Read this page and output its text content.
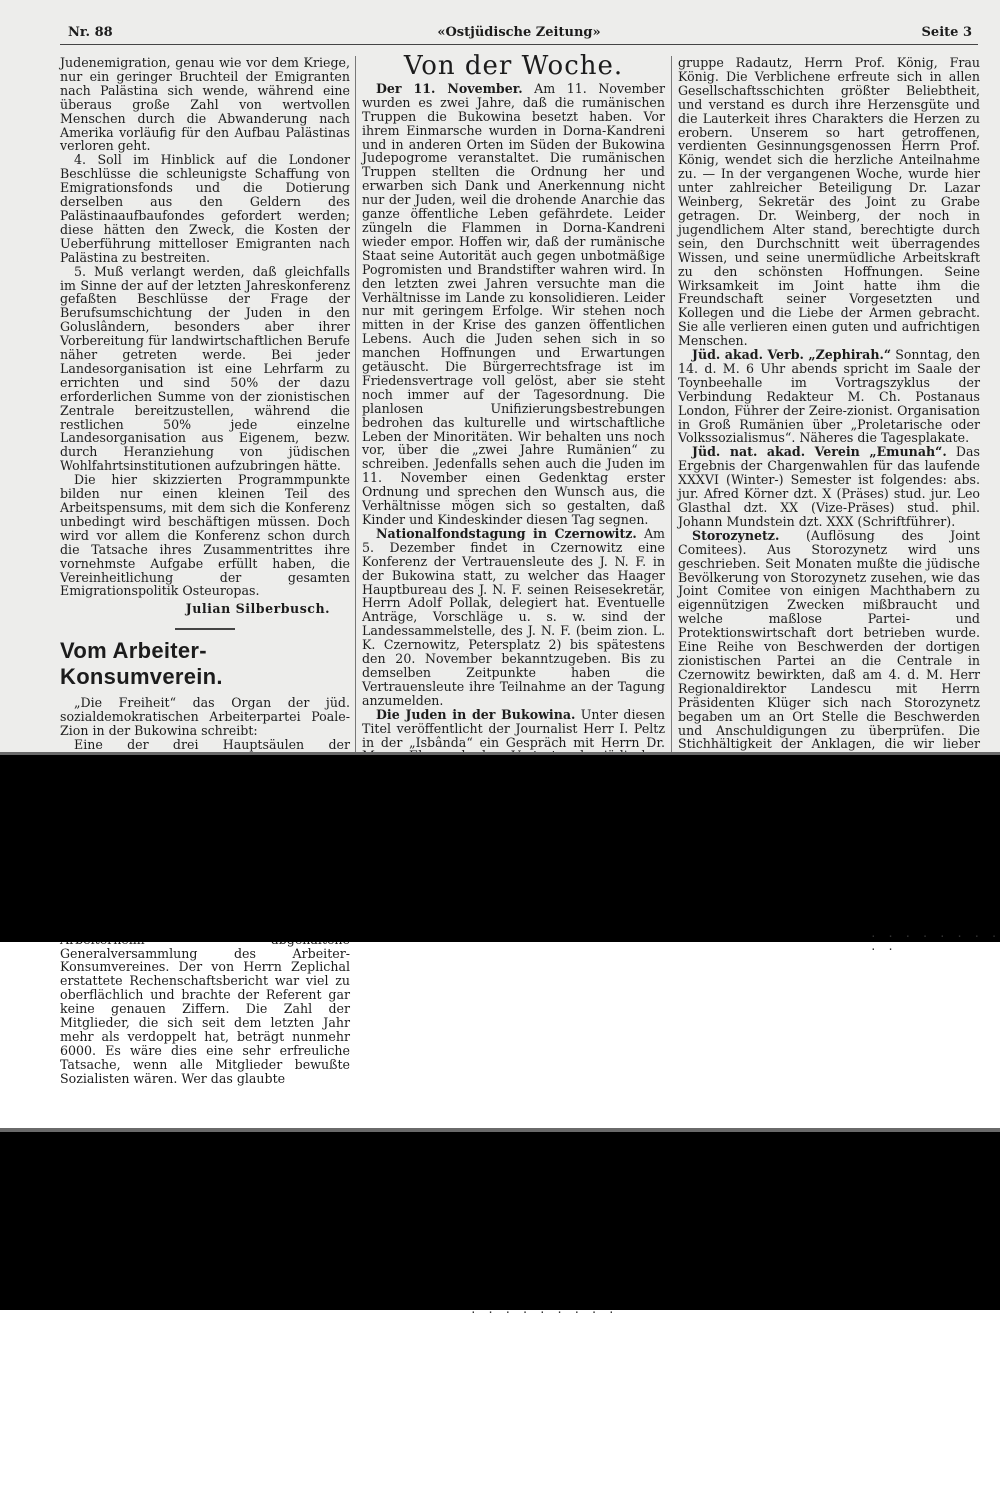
Nr. 88	«Ostjüdische Zeitung»	Seite 3

Judenemigration, genau wie vor dem Kriege, nur ein geringer Bruchteil der Emigranten nach Palästina sich wende, während eine überaus große Zahl von wertvollen Menschen durch die Abwanderung nach Amerika vorläufig für den Aufbau Palästinas verloren geht.

4. Soll im Hinblick auf die Londoner Beschlüsse die schleunigste Schaffung von Emigrationsfonds und die Dotierung derselben aus den Geldern des Palästinaaufbaufondes gefordert werden; diese hätten den Zweck, die Kosten der Ueberführung mittelloser Emigranten nach Palästina zu bestreiten.

5. Muß verlangt werden, daß gleichfalls im Sinne der auf der letzten Jahreskonferenz gefaßten Beschlüsse der Frage der Berufsumschichtung der Juden in den Goluslândern, besonders aber ihrer Vorbereitung für landwirtschaftlichen Berufe näher getreten werde. Bei jeder Landesorganisation ist eine Lehrfarm zu errichten und sind 50% der dazu erforderlichen Summe von der zionistischen Zentrale bereitzustellen, während die restlichen 50% jede einzelne Landesorganisation aus Eigenem, bezw. durch Heranziehung von jüdischen Wohlfahrtsinstitutionen aufzubringen hätte.

Die hier skizzierten Programmpunkte bilden nur einen kleinen Teil des Arbeitspensums, mit dem sich die Konferenz unbedingt wird beschäftigen müssen. Doch wird vor allem die Konferenz schon durch die Tatsache ihres Zusammentrittes ihre vornehmste Aufgabe erfüllt haben, die Vereinheitlichung der gesamten Emigrationspolitik Osteuropas.

Julian Silberbusch.
Vom Arbeiter-Konsumverein.

„Die Freiheit“ das Organ der jüd. sozialdemokratischen Arbeiterpartei Poale-Zion in der Bukowina schreibt:

Eine der drei Hauptsäulen der

Generalversammlung des Arbeiter-Konsumvereines. Der von Herrn Zeplichal erstattete Rechenschaftsbericht war viel zu oberflächlich und brachte der Referent gar keine genauen Ziffern. Die Zahl der Mitglieder, die sich seit dem letzten Jahr mehr als verdoppelt hat, beträgt nunmehr 6000. Es wäre dies eine sehr erfreuliche Tatsache, wenn alle Mitglieder bewußte Sozialisten wären. Wer das glaubte

Von der Woche.

Der 11. November. Am 11. November wurden es zwei Jahre, daß die rumänischen Truppen die Bukowina besetzt haben. Vor ihrem Einmarsche wurden in Dorna-Kandreni und in anderen Orten im Süden der Bukowina Judepogrome veranstaltet. Die rumänischen Truppen stellten die Ordnung her und erwarben sich Dank und Anerkennung nicht nur der Juden, weil die drohende Anarchie das ganze öffentliche Leben gefährdete. Leider züngeln die Flammen in Dorna-Kandreni wieder empor. Hoffen wir, daß der rumänische Staat seine Autorität auch gegen unbotmäßige Pogromisten und Brandstifter wahren wird. In den letzten zwei Jahren versuchte man die Verhältnisse im Lande zu konsolidieren. Leider nur mit geringem Erfolge. Wir stehen noch mitten in der Krise des ganzen öffentlichen Lebens. Auch die Juden sehen sich in so manchen Hoffnungen und Erwartungen getäuscht. Die Bürgerrechtsfrage ist im Friedensvertrage voll gelöst, aber sie steht noch immer auf der Tagesordnung. Die planlosen Unifizierungsbestrebungen bedrohen das kulturelle und wirtschaftliche Leben der Minoritäten. Wir behalten uns noch vor, über die „zwei Jahre Rumänien“ zu schreiben. Jedenfalls sehen auch die Juden im 11. November einen Gedenktag erster Ordnung und sprechen den Wunsch aus, die Verhältnisse mögen sich so gestalten, daß Kinder und Kindeskinder diesen Tag segnen.

Nationalfondstagung in Czernowitz. Am 5. Dezember findet in Czernowitz eine Konferenz der Vertrauensleute des J. N. F. in der Bukowina statt, zu welcher das Haager Hauptbureau des J. N. F. seinen Reisesekretär, Herrn Adolf Pollak, delegiert hat. Eventuelle Anträge, Vorschläge u. s. w. sind der Landessammelstelle, des J. N. F. (beim zion. L. K. Czernowitz, Petersplatz 2) bis spätestens den 20. November bekanntzugeben. Bis zu demselben Zeitpunkte haben die Vertrauensleute ihre Teilnahme an der Tagung anzumelden.

Die Juden in der Bukowina. Unter diesen Titel veröffentlicht der Journalist Herr I. Peltz in der „Isbânda“ ein Gespräch mit Herrn Dr.

gruppe Radautz, Herrn Prof. König, Frau König. Die Verblichene erfreute sich in allen Gesellschaftsschichten größter Beliebtheit, und verstand es durch ihre Herzensgüte und die Lauterkeit ihres Charakters die Herzen zu erobern. Unserem so hart getroffenen, verdienten Gesinnungsgenossen Herrn Prof. König, wendet sich die herzliche Anteilnahme zu. — In der vergangenen Woche, wurde hier unter zahlreicher Beteiligung Dr. Lazar Weinberg, Sekretär des Joint zu Grabe getragen. Dr. Weinberg, der noch in jugendlichem Alter stand, berechtigte durch sein, den Durchschnitt weit überragendes Wissen, und seine unermüdliche Arbeitskraft zu den schönsten Hoffnungen. Seine Wirksamkeit im Joint hatte ihm die Freundschaft seiner Vorgesetzten und Kollegen und die Liebe der Armen gebracht. Sie alle verlieren einen guten und aufrichtigen Menschen.

Jüd. akad. Verb. „Zephirah.“ Sonntag, den 14. d. M. 6 Uhr abends spricht im Saale der Toynbeehalle im Vortragszyklus der Verbindung Redakteur M. Ch. Postanaus London, Führer der Zeire-zionist. Organisation in Groß Rumänien über „Proletarische oder Volkssozialismus“. Näheres die Tagesplakate.

Jüd. nat. akad. Verein „Emunah“. Das Ergebnis der Chargenwahlen für das laufende XXXVI (Winter-) Semester ist folgendes: abs. jur. Afred Körner dzt. X (Präses) stud. jur. Leo Glasthal dzt. XX (Vize-Präses) stud. phil. Johann Mundstein dzt. XXX (Schriftführer).

Storozynetz. (Auflösung des Joint Comitees). Aus Storozynetz wird uns geschrieben. Seit Monaten mußte die jüdische Bevölkerung von Storozynetz zusehen, wie das Joint Comitee von einigen Machthabern zu eigennützigen Zwecken mißbraucht und welche maßlose Partei- und Protektionswirtschaft dort betrieben wurde. Eine Reihe von Beschwerden der dortigen zionistischen Partei an die Centrale in Czernowitz bewirkten, daß am 4. d. M. Herr Regionaldirektor Landescu mit Herrn Präsidenten Klüger sich nach Storozynetz begaben um an Ort Stelle die Beschwerden und Anschuldigungen zu überprüfen. Die Stichhältigkeit der Anklagen, die wir lieber

· · · · · · · · · ·
· · · · · · · · ·
